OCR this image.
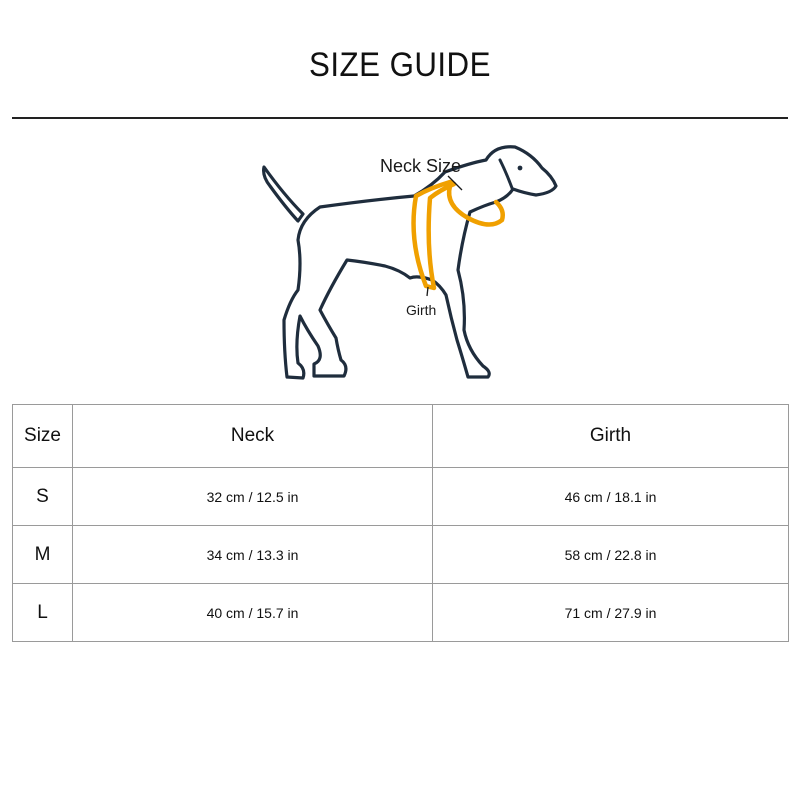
SIZE GUIDE
Neck Size
Girth
Size	Neck	Girth
S	32 cm / 12.5 in	46 cm / 18.1 in
M	34 cm / 13.3 in	58 cm / 22.8 in
L	40 cm / 15.7 in	71 cm / 27.9 in
